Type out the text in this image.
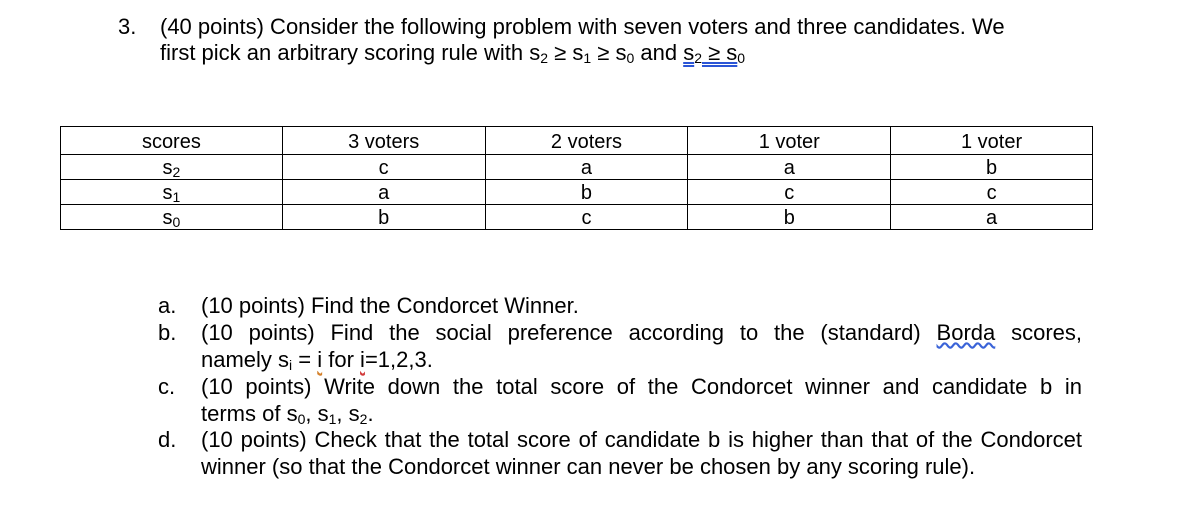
3. (40 points) Consider the following problem with seven voters and three candidates. We
first pick an arbitrary scoring rule with $s_2 \ge s_1 \ge s_0$ and $s_2 \ge s_0$
scores	3 voters	2 voters	1 voter	1 voter
$s_2$	c	a	a	b
$s_1$	a	b	c	c
$s_0$	b	c	b	a
a. (10 points) Find the Condorcet Winner.
b. (10 points) Find the social preference according to the (standard) Borda scores,
namely $s_i = i$ for i=1,2,3.
c. (10 points) Write down the total score of the Condorcet winner and candidate b in
terms of $s_0$, $s_1$, $s_2$.
d. (10 points) Check that the total score of candidate b is higher than that of the Condorcet winner (so that the Condorcet winner can never be chosen by any scoring rule).
